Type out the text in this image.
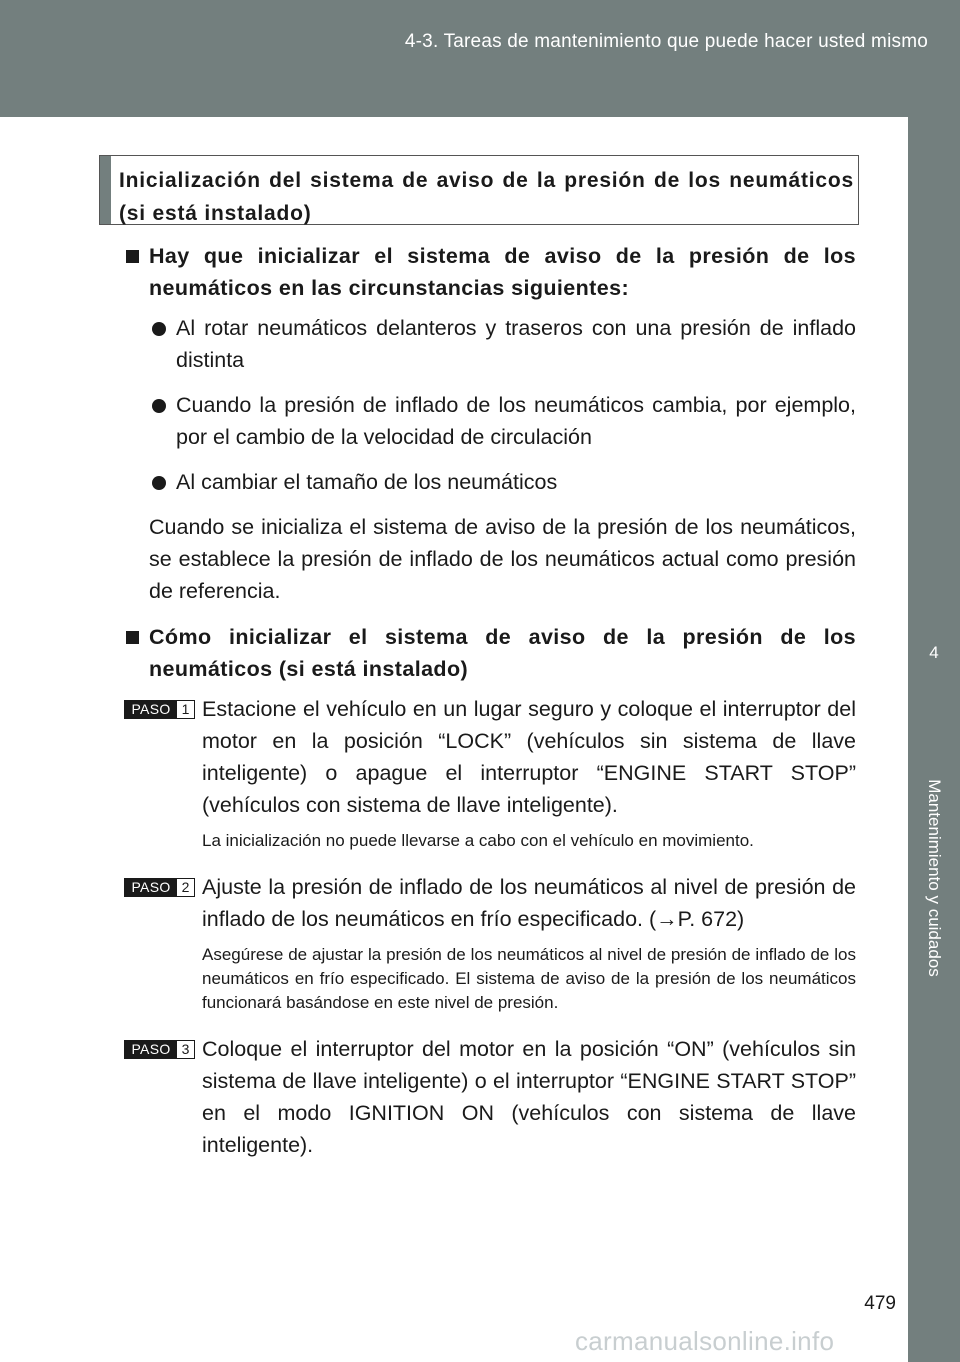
4-3. Tareas de mantenimiento que puede hacer usted mismo
4
Mantenimiento y cuidados
Inicialización del sistema de aviso de la presión de los neumáticos (si está instalado)
Hay que inicializar el sistema de aviso de la presión de los neumáticos en las circunstancias siguientes:
Al rotar neumáticos delanteros y traseros con una presión de inflado distinta
Cuando la presión de inflado de los neumáticos cambia, por ejemplo, por el cambio de la velocidad de circulación
Al cambiar el tamaño de los neumáticos
Cuando se inicializa el sistema de aviso de la presión de los neumáticos, se establece la presión de inflado de los neumáticos actual como presión de referencia.
Cómo inicializar el sistema de aviso de la presión de los neumáticos (si está instalado)
PASO 1 Estacione el vehículo en un lugar seguro y coloque el interruptor del motor en la posición “LOCK” (vehículos sin sistema de llave inteligente) o apague el interruptor “ENGINE START STOP” (vehículos con sistema de llave inteligente).
La inicialización no puede llevarse a cabo con el vehículo en movimiento.
PASO 2 Ajuste la presión de inflado de los neumáticos al nivel de presión de inflado de los neumáticos en frío especificado. (→P. 672)
Asegúrese de ajustar la presión de los neumáticos al nivel de presión de inflado de los neumáticos en frío especificado. El sistema de aviso de la presión de los neumáticos funcionará basándose en este nivel de presión.
PASO 3 Coloque el interruptor del motor en la posición “ON” (vehículos sin sistema de llave inteligente) o el interruptor “ENGINE START STOP” en el modo IGNITION ON (vehículos con sistema de llave inteligente).
479
carmanualsonline.info
